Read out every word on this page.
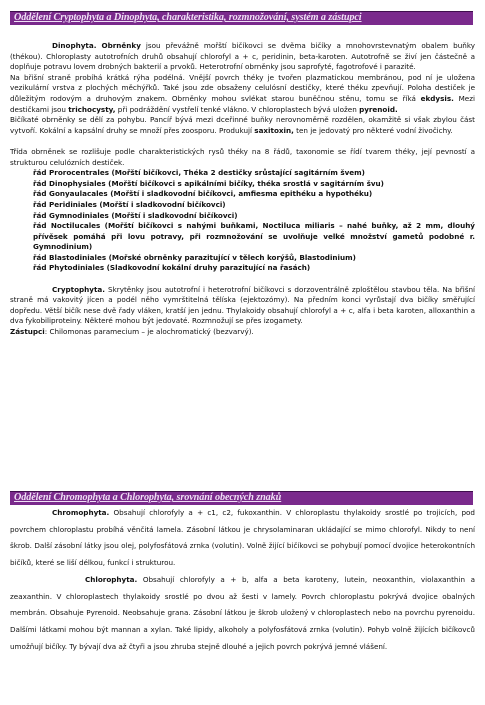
Oddělení Cryptophyta a Dinophyta, charakteristika, rozmnožování, systém a zástupci

Dinophyta. Obrněnky jsou převážně mořští bičíkovci se dvěma bičíky a mnohovrstevnatým obalem buňky (thékou). Chloroplasty autotrofních druhů obsahují chlorofyl a + c, peridinin, beta-karoten. Autotrofně se živí jen částečně a doplňuje potravu lovem drobných bakterií a prvoků. Heterotrofní obrněnky jsou saprofyté, fagotrofové i parazité.

Na břišní straně probíhá krátká rýha podélná. Vnější povrch théky je tvořen plazmatickou membránou, pod ní je uložena vezikulární vrstva z plochých měchýřků. Také jsou zde obsaženy celulósní destičky, které théku zpevňují. Poloha destiček je důležitým rodovým a druhovým znakem. Obrněnky mohou svlékat starou buněčnou stěnu, tomu se říká ekdysis. Mezi destičkami jsou trichocysty, při podráždění vystřelí tenké vlákno. V chloroplastech bývá uložen pyrenoid.

Bičíkaté obrněnky se dělí za pohybu. Pancíř bývá mezi dceřinné buňky nerovnoměrně rozdělen, okamžitě si však zbylou část vytvoří. Kokální a kapsální druhy se množí přes zoosporu. Produkují saxitoxin, ten je jedovatý pro některé vodní živočichy.

Třída obrněnek se rozlišuje podle charakteristických rysů théky na 8 řádů, taxonomie se řídí tvarem théky, její pevností a strukturou celulózních destiček.

řád Prorocentrales (Mořští bičíkovci, Théka 2 destičky srůstající sagitárním švem)

řád Dinophysiales (Mořští bičíkovci s apikálními bičíky, théka srostlá v sagitárním švu)

řád Gonyaulacales (Mořští i sladkovodní bičíkovci, amfiesma epithéku a hypothéku)

řád Peridiniales (Mořští i sladkovodní bičíkovci)

řád Gymnodiniales (Mořští i sladkovodní bičíkovci)

řád Noctilucales (Mořští bičíkovci s nahými buňkami, Noctiluca miliaris – nahé buňky, až 2 mm, dlouhý přívěsek pomáhá při lovu potravy, při rozmnožování se uvolňuje velké množství gametů podobné r. Gymnodinium)

řád Blastodiniales (Mořské obrněnky parazitující v tělech korýšů, Blastodinium)

řád Phytodiniales (Sladkovodní kokální druhy parazitující na řasách)

Cryptophyta. Skrytěnky jsou autotrofní i heterotrofní bičíkovci s dorzoventrálně zploštělou stavbou těla. Na břišní straně má vakovitý jícen a podél něho vymrštitelná tělíska (ejektozómy). Na předním konci vyrůstají dva bičíky směřující dopředu. Větší bičík nese dvě řady vláken, kratší jen jednu. Thylakoidy obsahují chlorofyl a + c, alfa i beta karoten, alloxanthin a dva fykobiliproteiny. Některé mohou být jedovaté. Rozmnožují se přes izogamety.

Zástupci: Chilomonas paramecium – je alochromatický (bezvarvý).

Oddělení Chromophyta a Chlorophyta, srovnání obecných znaků

Chromophyta. Obsahují chlorofyly a + c1, c2, fukoxanthin. V chloroplastu thylakoidy srostlé po trojicích, pod povrchem chloroplastu probíhá věnčitá lamela. Zásobní látkou je chrysolaminaran ukládající se mimo chlorofyl. Nikdy to není škrob. Další zásobní látky jsou olej, polyfosfátová zrnka (volutin). Volně žijící bičíkovci se pohybují pomocí dvojice heterokontních bičíků, které se liší délkou, funkcí i strukturou.

Chlorophyta. Obsahují chlorofyly a + b, alfa a beta karoteny, lutein, neoxanthin, violaxanthin a zeaxanthin. V chloroplastech thylakoidy srostlé po dvou až šesti v lamely. Povrch chloroplastu pokrývá dvojice obalných membrán. Obsahuje Pyrenoid. Neobsahuje grana. Zásobní látkou je škrob uložený v chloroplastech nebo na povrchu pyrenoidu. Dalšími látkami mohou být mannan a xylan. Také lipidy, alkoholy a polyfosfátová zrnka (volutin). Pohyb volně žijících bičíkovců umožňují bičíky. Ty bývají dva až čtyři a jsou zhruba stejně dlouhé a jejich povrch pokrývá jemné vlášení.
